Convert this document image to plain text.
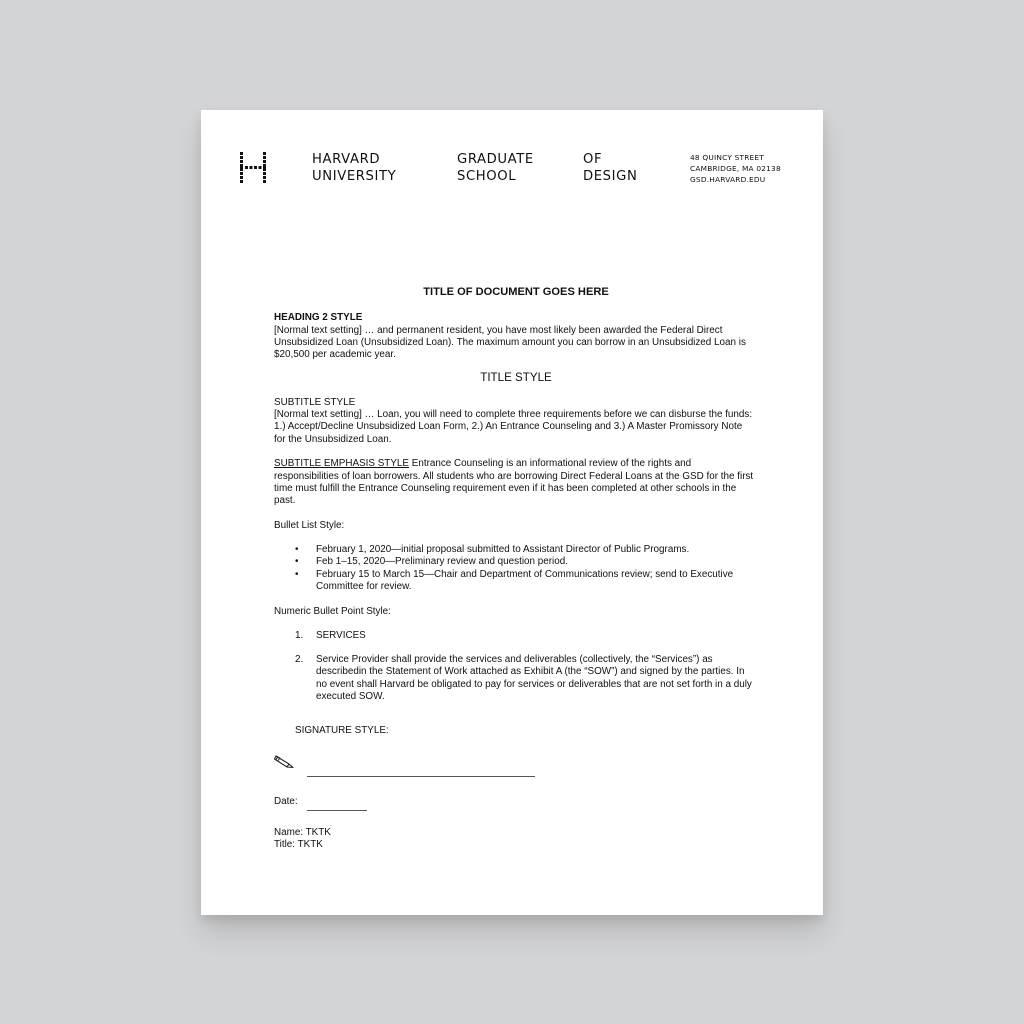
HARVARD
UNIVERSITY
GRADUATE
SCHOOL
OF
DESIGN
48 QUINCY STREET
CAMBRIDGE, MA 02138
GSD.HARVARD.EDU
TITLE OF DOCUMENT GOES HERE
HEADING 2 STYLE

[Normal text setting] … and permanent resident, you have most likely been awarded the Federal Direct Unsubsidized Loan (Unsubsidized Loan). The maximum amount you can borrow in an Unsubsidized Loan is $20,500 per academic year.

TITLE STYLE
SUBTITLE STYLE

[Normal text setting] … Loan, you will need to complete three requirements before we can disburse the funds: 1.) Accept/Decline Unsubsidized Loan Form, 2.) An Entrance Counseling and 3.) A Master Promissory Note for the Unsubsidized Loan.

SUBTITLE EMPHASIS STYLE Entrance Counseling is an informational review of the rights and responsibilities of loan borrowers. All students who are borrowing Direct Federal Loans at the GSD for the first time must fulfill the Entrance Counseling requirement even if it has been completed at other schools in the past.

Bullet List Style:
• February 1, 2020—initial proposal submitted to Assistant Director of Public Programs.
• Feb 1–15, 2020—Preliminary review and question period.
• February 15 to March 15—Chair and Department of Communications review; send to Executive Committee for review.
Numeric Bullet Point Style:
1. SERVICES
2. Service Provider shall provide the services and deliverables (collectively, the “Services”) as describedin the Statement of Work attached as Exhibit A (the “SOW”) and signed by the parties. In no event shall Harvard be obligated to pay for services or deliverables that are not set forth in a duly executed SOW.
SIGNATURE STYLE:
Date:
Name: TKTK
Title: TKTK
